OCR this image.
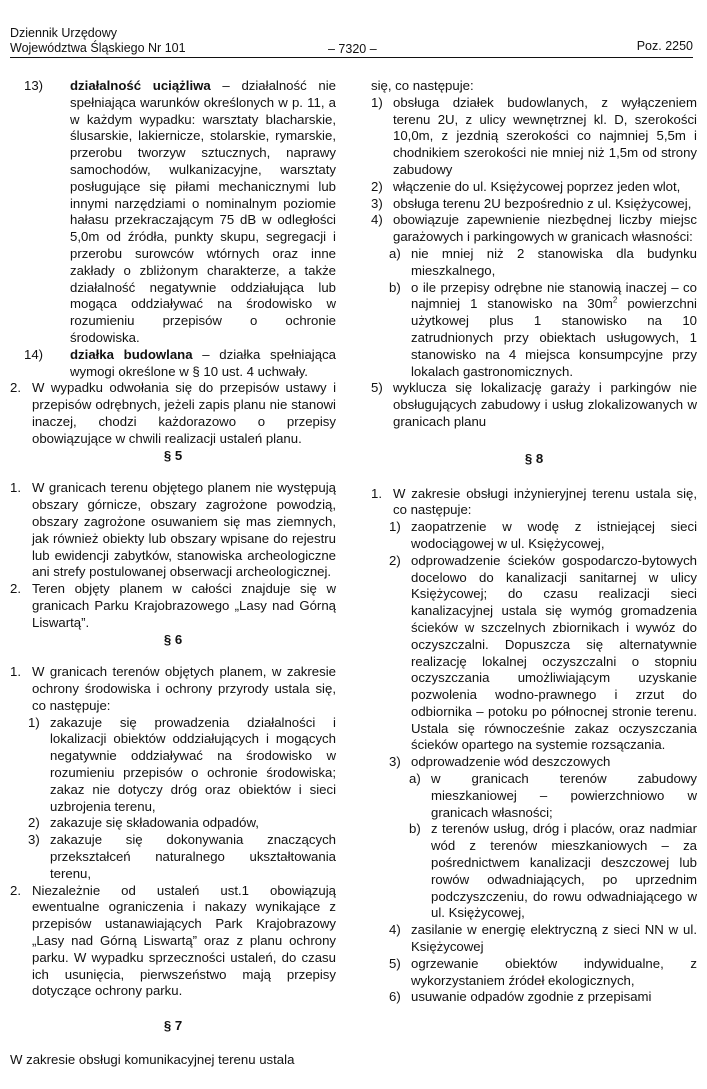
Dziennik Urzędowy
Województwa Śląskiego Nr 101	– 7320 –	Poz. 2250
13) działalność uciążliwa – działalność nie spełniająca warunków określonych w p. 11, a w każdym wypadku: warsztaty blacharskie, ślusarskie, lakiernicze, stolarskie, rymarskie, przerobu tworzyw sztucznych, naprawy samochodów, wulkanizacyjne, warsztaty posługujące się piłami mechanicznymi lub innymi narzędziami o nominalnym poziomie hałasu przekraczającym 75 dB w odległości 5,0m od źródła, punkty skupu, segregacji i przerobu surowców wtórnych oraz inne zakłady o zbliżonym charakterze, a także działalność negatywnie oddziałująca lub mogąca oddziaływać na środowisko w rozumieniu przepisów o ochronie środowiska.
14) działka budowlana – działka spełniająca wymogi określone w § 10 ust. 4 uchwały.
2. W wypadku odwołania się do przepisów ustawy i przepisów odrębnych, jeżeli zapis planu nie stanowi inaczej, chodzi każdorazowo o przepisy obowiązujące w chwili realizacji ustaleń planu.
§ 5
1. W granicach terenu objętego planem nie występują obszary górnicze, obszary zagrożone powodzią, obszary zagrożone osuwaniem się mas ziemnych, jak również obiekty lub obszary wpisane do rejestru lub ewidencji zabytków, stanowiska archeologiczne ani strefy postulowanej obserwacji archeologicznej.
2. Teren objęty planem w całości znajduje się w granicach Parku Krajobrazowego „Lasy nad Górną Liswartą”.
§ 6
1. W granicach terenów objętych planem, w zakresie ochrony środowiska i ochrony przyrody ustala się, co następuje:
1) zakazuje się prowadzenia działalności i lokalizacji obiektów oddziałujących i mogących negatywnie oddziaływać na środowisko w rozumieniu przepisów o ochronie środowiska; zakaz nie dotyczy dróg oraz obiektów i sieci uzbrojenia terenu,
2) zakazuje się składowania odpadów,
3) zakazuje się dokonywania znaczących przekształceń naturalnego ukształtowania terenu,
2. Niezależnie od ustaleń ust.1 obowiązują ewentualne ograniczenia i nakazy wynikające z przepisów ustanawiających Park Krajobrazowy „Lasy nad Górną Liswartą” oraz z planu ochrony parku. W wypadku sprzeczności ustaleń, do czasu ich usunięcia, pierwszeństwo mają przepisy dotyczące ochrony parku.
§ 7
W zakresie obsługi komunikacyjnej terenu ustala
się, co następuje:
1) obsługa działek budowlanych, z wyłączeniem terenu 2U, z ulicy wewnętrznej kl. D, szerokości 10,0m, z jezdnią szerokości co najmniej 5,5m i chodnikiem szerokości nie mniej niż 1,5m od strony zabudowy
2) włączenie do ul. Księżycowej poprzez jeden wlot,
3) obsługa terenu 2U bezpośrednio z ul. Księżycowej,
4) obowiązuje zapewnienie niezbędnej liczby miejsc garażowych i parkingowych w granicach własności:
a) nie mniej niż 2 stanowiska dla budynku mieszkalnego,
b) o ile przepisy odrębne nie stanowią inaczej – co najmniej 1 stanowisko na $30m^2$ powierzchni użytkowej plus 1 stanowisko na 10 zatrudnionych przy obiektach usługowych, 1 stanowisko na 4 miejsca konsumpcyjne przy lokalach gastronomicznych.
5) wyklucza się lokalizację garaży i parkingów nie obsługujących zabudowy i usług zlokalizowanych w granicach planu
§ 8
1. W zakresie obsługi inżynieryjnej terenu ustala się, co następuje:
1) zaopatrzenie w wodę z istniejącej sieci wodociągowej w ul. Księżycowej,
2) odprowadzenie ścieków gospodarczo-bytowych docelowo do kanalizacji sanitarnej w ulicy Księżycowej; do czasu realizacji sieci kanalizacyjnej ustala się wymóg gromadzenia ścieków w szczelnych zbiornikach i wywóz do oczyszczalni. Dopuszcza się alternatywnie realizację lokalnej oczyszczalni o stopniu oczyszczania umożliwiającym uzyskanie pozwolenia wodno-prawnego i zrzut do odbiornika – potoku po północnej stronie terenu. Ustala się równocześnie zakaz oczyszczania ścieków opartego na systemie rozsączania.
3) odprowadzenie wód deszczowych
a) w granicach terenów zabudowy mieszkaniowej – powierzchniowo w granicach własności;
b) z terenów usług, dróg i placów, oraz nadmiar wód z terenów mieszkaniowych – za pośrednictwem kanalizacji deszczowej lub rowów odwadniających, po uprzednim podczyszczeniu, do rowu odwadniającego w ul. Księżycowej,
4) zasilanie w energię elektryczną z sieci NN w ul. Księżycowej
5) ogrzewanie obiektów indywidualne, z wykorzystaniem źródeł ekologicznych,
6) usuwanie odpadów zgodnie z przepisami
